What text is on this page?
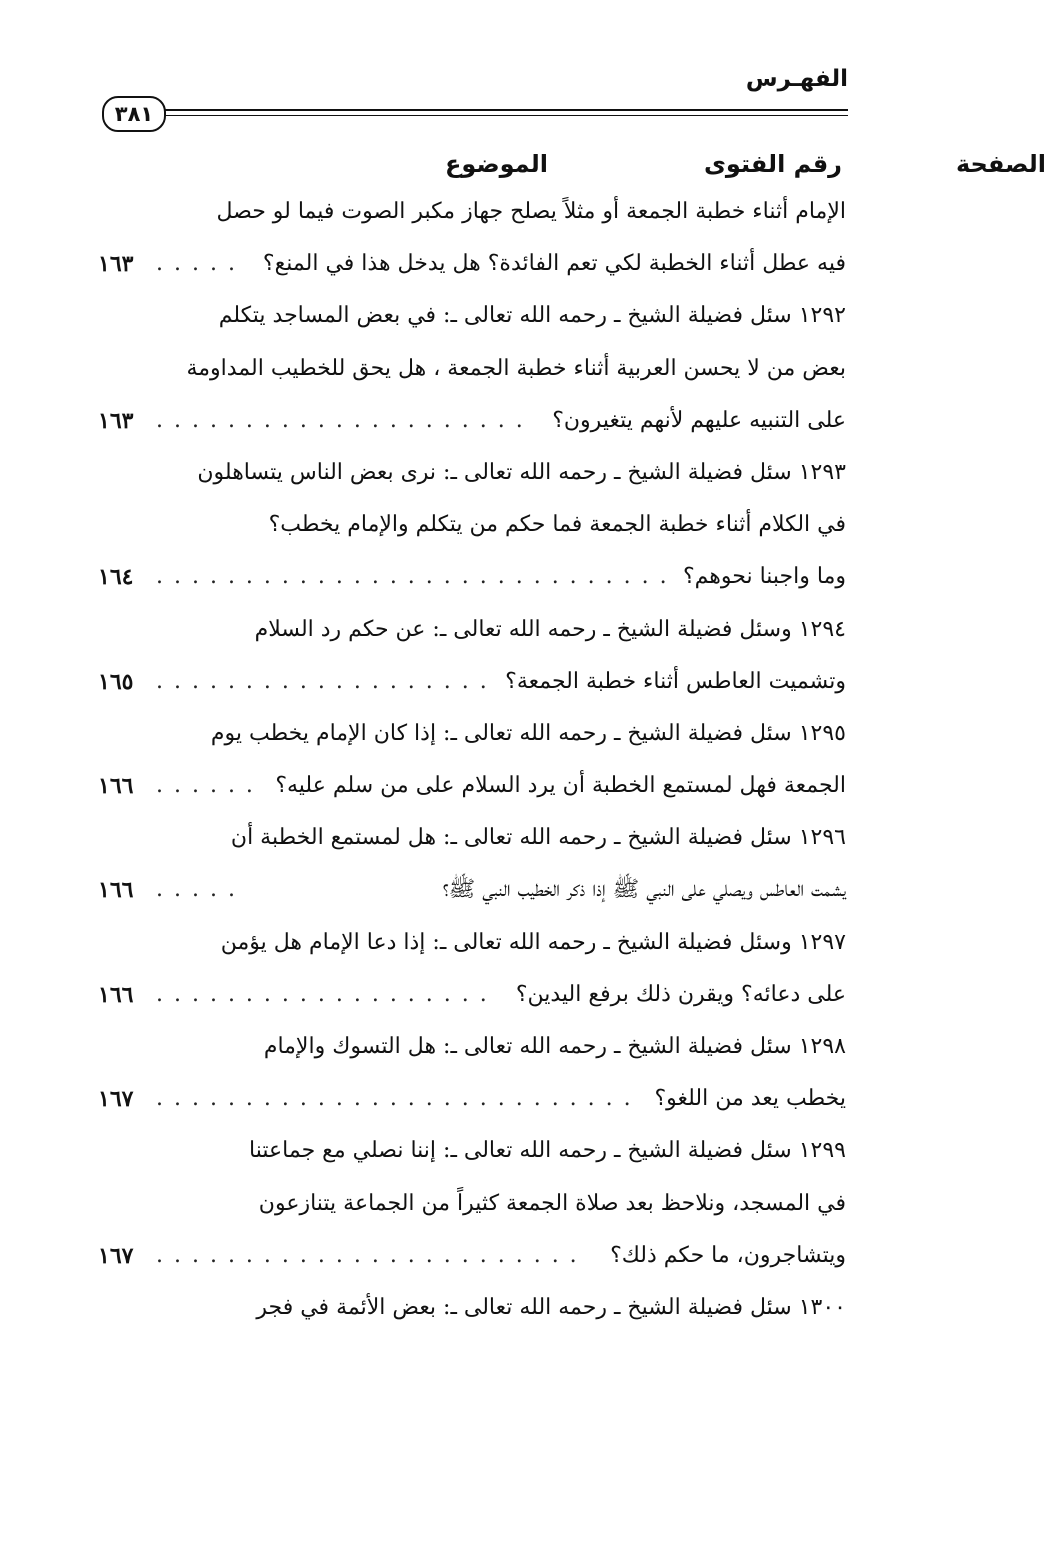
الفهـرس
٣٨١
رقم الفتوى
الموضوع	الصفحة
الإمام أثناء خطبة الجمعة أو مثلاً يصلح جهاز مكبر الصوت فيما لو حصل
فيه عطل أثناء الخطبة لكي تعم الفائدة؟ هل يدخل هذا في المنع؟
. . . . .
١٦٣
١٢٩٢ سئل فضيلة الشيخ ـ رحمه الله تعالى ـ: في بعض المساجد يتكلم
بعض من لا يحسن العربية أثناء خطبة الجمعة ، هل يحق للخطيب المداومة
على التنبيه عليهم لأنهم يتغيرون؟
. . . . . . . . . . . . . . . . . . . . .
١٦٣
١٢٩٣ سئل فضيلة الشيخ ـ رحمه الله تعالى ـ: نرى بعض الناس يتساهلون
في الكلام أثناء خطبة الجمعة فما حكم من يتكلم والإمام يخطب؟
وما واجبنا نحوهم؟
. . . . . . . . . . . . . . . . . . . . . . . . . . . . .
١٦٤
١٢٩٤ وسئل فضيلة الشيخ ـ رحمه الله تعالى ـ: عن حكم رد السلام
وتشميت العاطس أثناء خطبة الجمعة؟
. . . . . . . . . . . . . . . . . . .
١٦٥
١٢٩٥ سئل فضيلة الشيخ ـ رحمه الله تعالى ـ: إذا كان الإمام يخطب يوم
الجمعة فهل لمستمع الخطبة أن يرد السلام على من سلم عليه؟
. . . . . .
١٦٦
١٢٩٦ سئل فضيلة الشيخ ـ رحمه الله تعالى ـ: هل لمستمع الخطبة أن
يشمت العاطس ويصلي على النبي ﷺ إذا ذكر الخطيب النبي ﷺ؟
. . . . .
١٦٦
١٢٩٧ وسئل فضيلة الشيخ ـ رحمه الله تعالى ـ: إذا دعا الإمام هل يؤمن
على دعائه؟ ويقرن ذلك برفع اليدين؟
. . . . . . . . . . . . . . . . . . .
١٦٦
١٢٩٨ سئل فضيلة الشيخ ـ رحمه الله تعالى ـ: هل التسوك والإمام
يخطب يعد من اللغو؟
. . . . . . . . . . . . . . . . . . . . . . . . . . .
١٦٧
١٢٩٩ سئل فضيلة الشيخ ـ رحمه الله تعالى ـ: إننا نصلي مع جماعتنا
في المسجد، ونلاحظ بعد صلاة الجمعة كثيراً من الجماعة يتنازعون
ويتشاجرون، ما حكم ذلك؟
. . . . . . . . . . . . . . . . . . . . . . . .
١٦٧
١٣٠٠ سئل فضيلة الشيخ ـ رحمه الله تعالى ـ: بعض الأئمة في فجر
